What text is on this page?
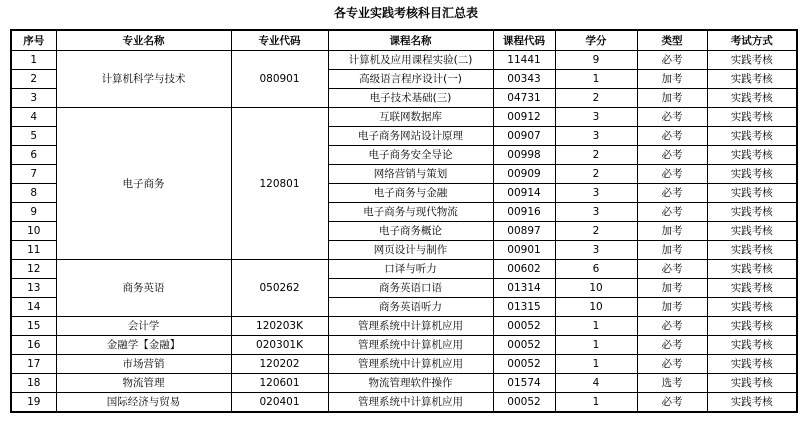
各专业实践考核科目汇总表
序号	专业名称	专业代码	课程名称	课程代码	学分	类型	考试方式
1	计算机科学与技术	080901	计算机及应用课程实验(二)	11441	9	必考	实践考核
2			高级语言程序设计(一)	00343	1	加考	实践考核
3			电子技术基础(三)	04731	2	加考	实践考核
4	电子商务	120801	互联网数据库	00912	3	必考	实践考核
5			电子商务网站设计原理	00907	3	必考	实践考核
6			电子商务安全导论	00998	2	必考	实践考核
7			网络营销与策划	00909	2	必考	实践考核
8			电子商务与金融	00914	3	必考	实践考核
9			电子商务与现代物流	00916	3	必考	实践考核
10			电子商务概论	00897	2	加考	实践考核
11			网页设计与制作	00901	3	加考	实践考核
12	商务英语	050262	口译与听力	00602	6	必考	实践考核
13			商务英语口语	01314	10	加考	实践考核
14			商务英语听力	01315	10	加考	实践考核
15	会计学	120203K	管理系统中计算机应用	00052	1	必考	实践考核
16	金融学【金融】	020301K	管理系统中计算机应用	00052	1	必考	实践考核
17	市场营销	120202	管理系统中计算机应用	00052	1	必考	实践考核
18	物流管理	120601	物流管理软件操作	01574	4	选考	实践考核
19	国际经济与贸易	020401	管理系统中计算机应用	00052	1	必考	实践考核
